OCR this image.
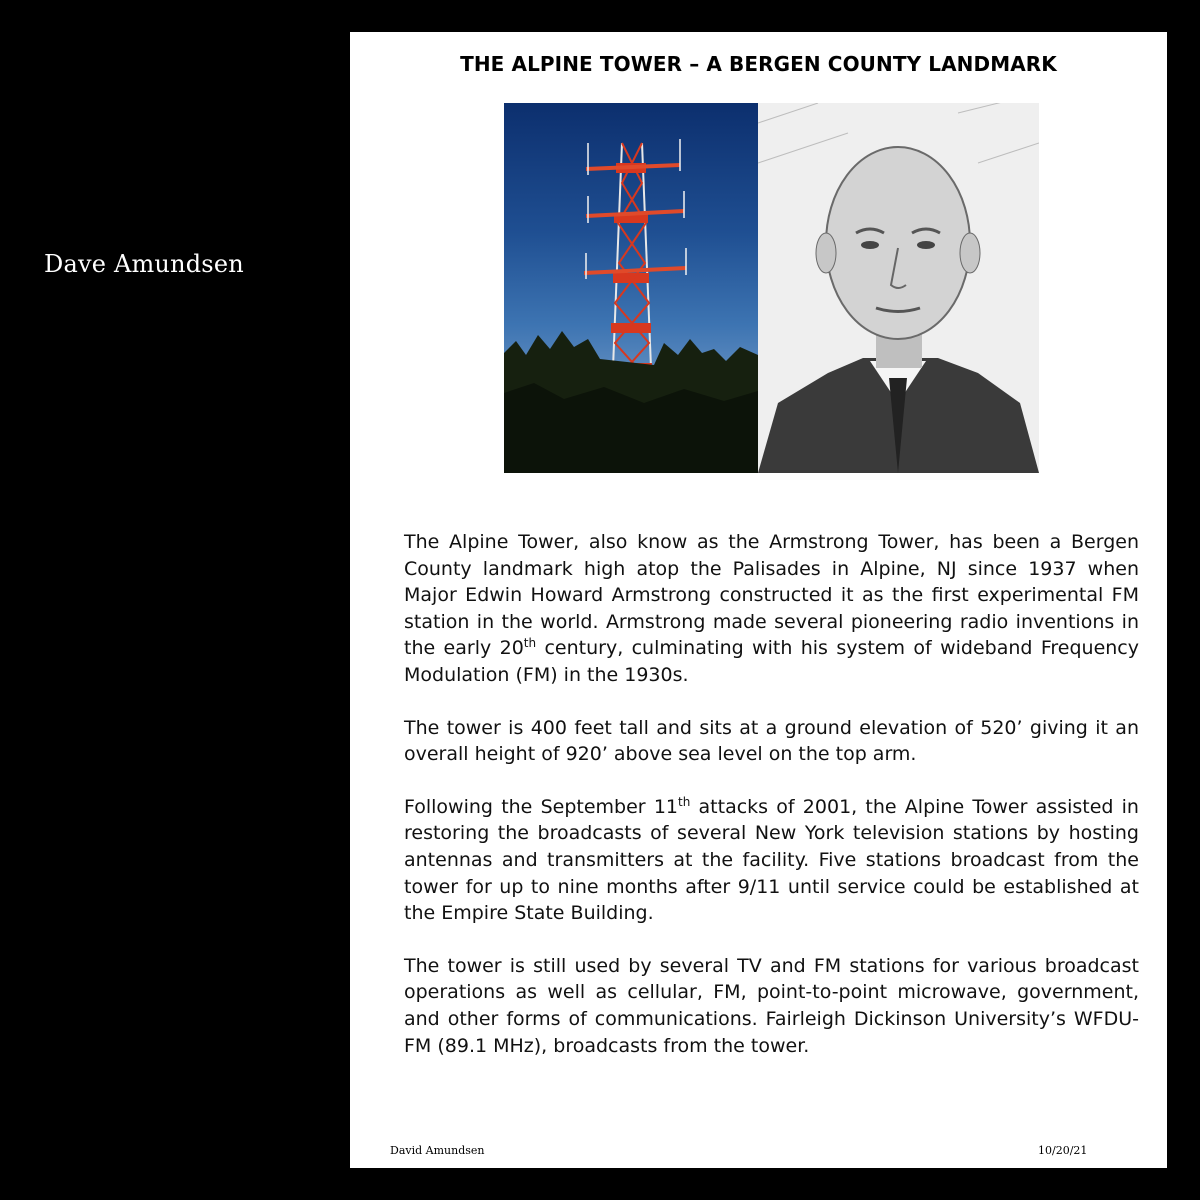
Dave Amundsen
THE ALPINE TOWER – A BERGEN COUNTY LANDMARK

The Alpine Tower, also know as the Armstrong Tower, has been a Bergen County landmark high atop the Palisades in Alpine, NJ since 1937 when Major Edwin Howard Armstrong constructed it as the first experimental FM station in the world. Armstrong made several pioneering radio inventions in the early 20th century, culminating with his system of wideband Frequency Modulation (FM) in the 1930s.

The tower is 400 feet tall and sits at a ground elevation of 520’ giving it an overall height of 920’ above sea level on the top arm.

Following the September 11th attacks of 2001, the Alpine Tower assisted in restoring the broadcasts of several New York television stations by hosting antennas and transmitters at the facility. Five stations broadcast from the tower for up to nine months after 9/11 until service could be established at the Empire State Building.

The tower is still used by several TV and FM stations for various broadcast operations as well as cellular, FM, point-to-point microwave, government, and other forms of communications. Fairleigh Dickinson University’s WFDU-FM (89.1 MHz), broadcasts from the tower.

David Amundsen	10/20/21
